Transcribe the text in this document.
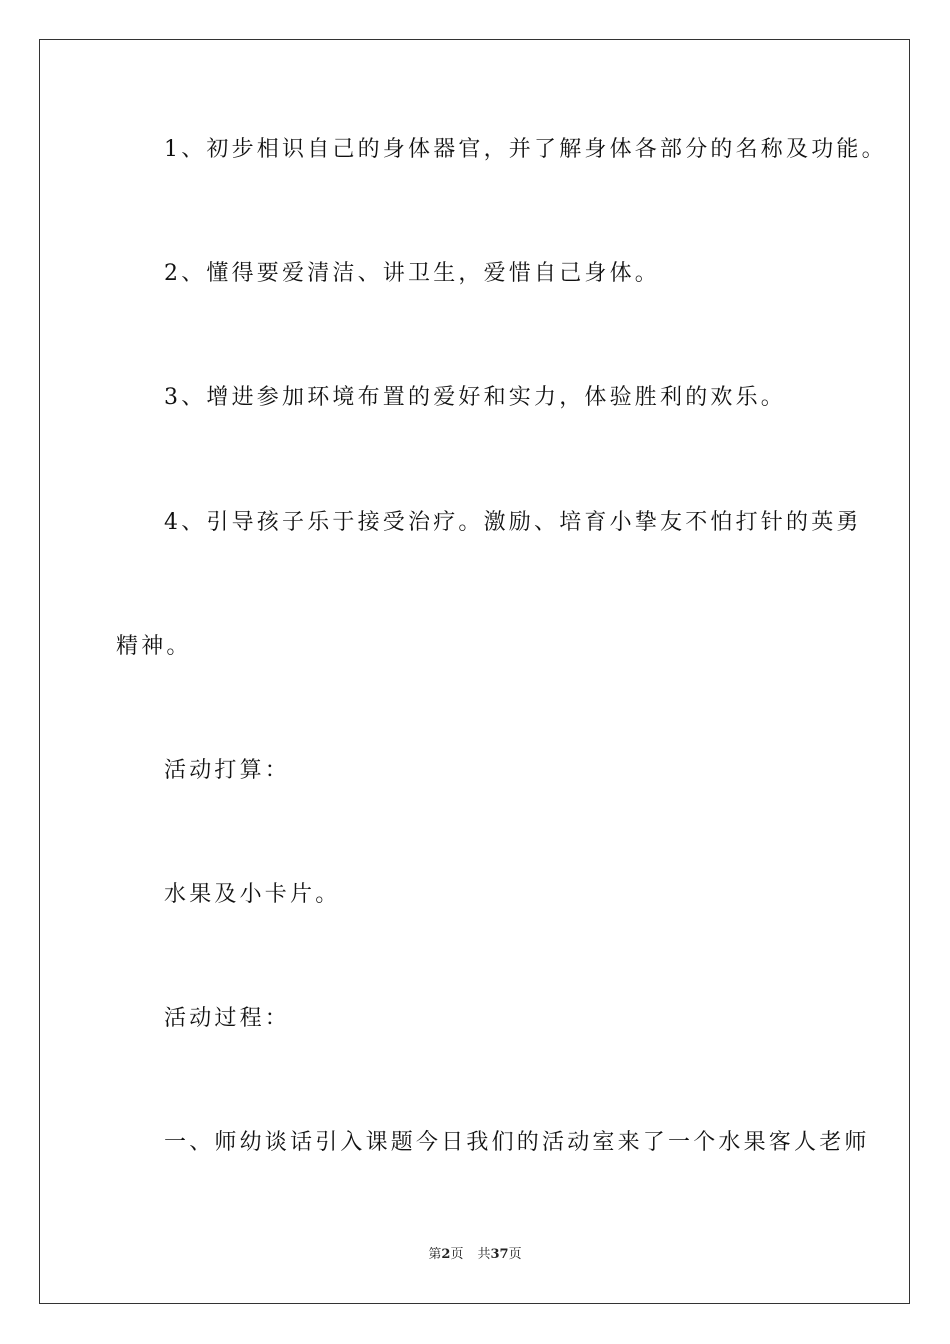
1、初步相识自己的身体器官，并了解身体各部分的名称及功能。
2、懂得要爱清洁、讲卫生，爱惜自己身体。
3、增进参加环境布置的爱好和实力，体验胜利的欢乐。
4、引导孩子乐于接受治疗。激励、培育小挚友不怕打针的英勇
精神。
活动打算：
水果及小卡片。
活动过程：
一、师幼谈话引入课题今日我们的活动室来了一个水果客人老师
第2页 共37页
